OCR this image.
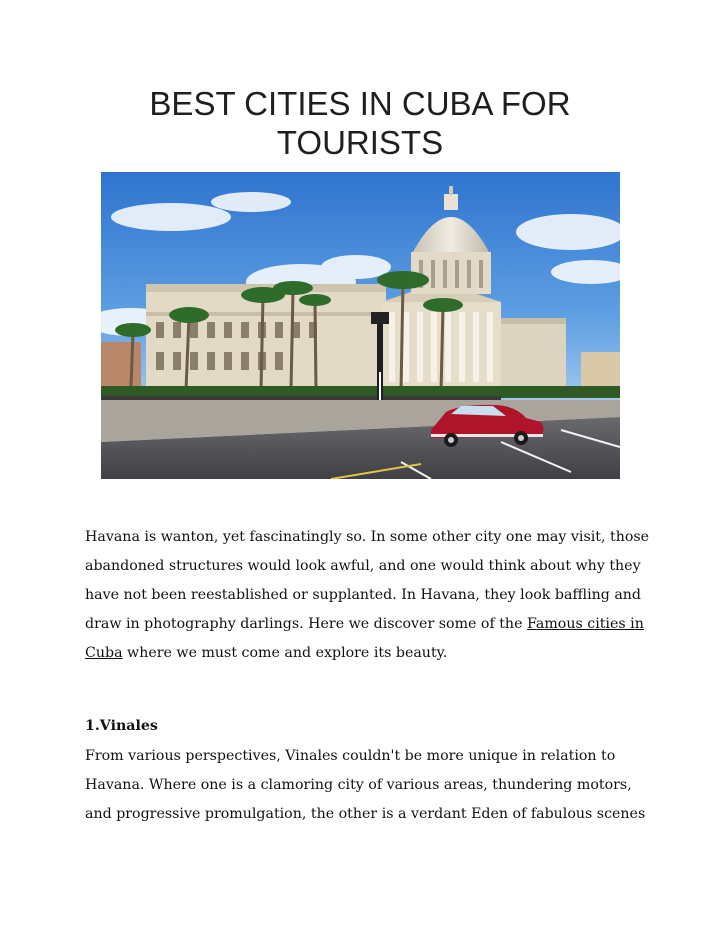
BEST CITIES IN CUBA FOR
TOURISTS
Havana is wanton, yet fascinatingly so. In some other city one may visit, those
abandoned structures would look awful, and one would think about why they
have not been reestablished or supplanted. In Havana, they look baffling and
draw in photography darlings. Here we discover some of the Famous cities in
Cuba where we must come and explore its beauty.
1.Vinales
From various perspectives, Vinales couldn't be more unique in relation to
Havana. Where one is a clamoring city of various areas, thundering motors,
and progressive promulgation, the other is a verdant Eden of fabulous scenes
